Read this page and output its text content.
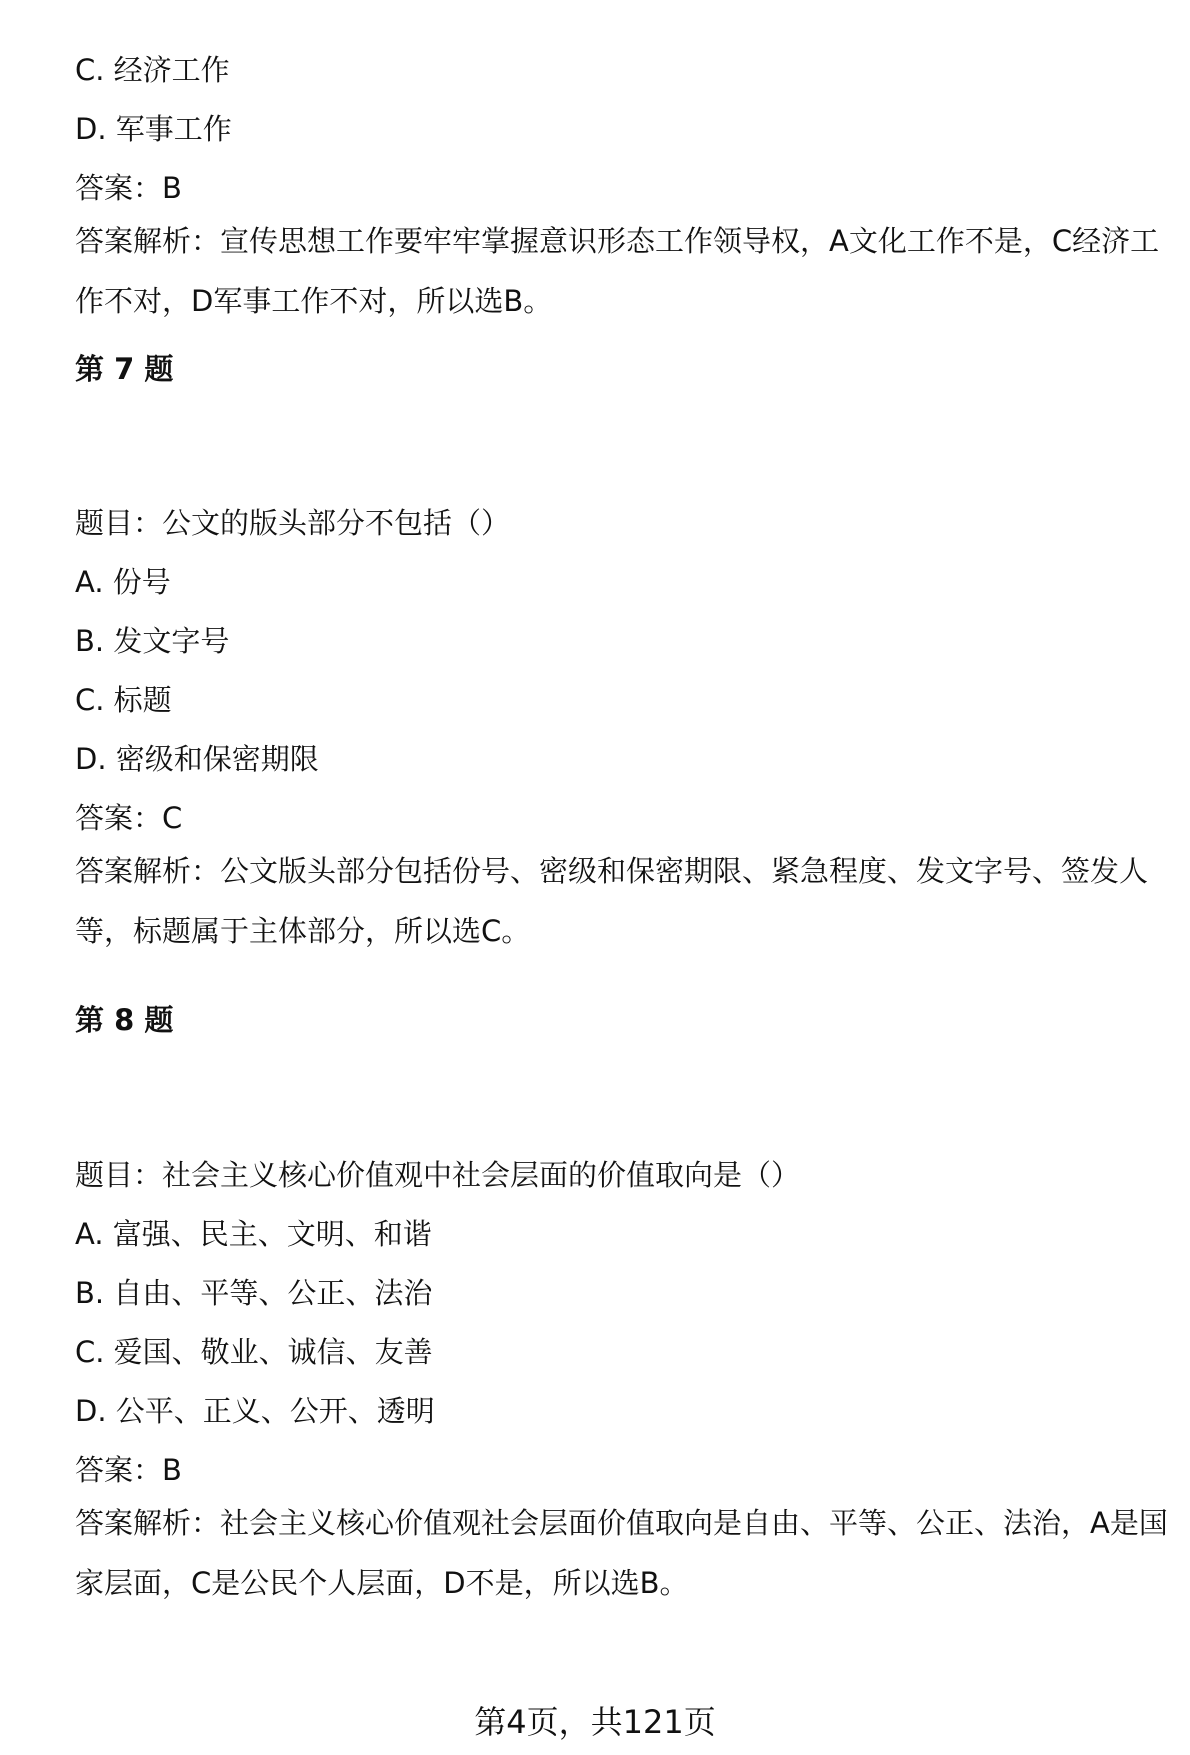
C. 经济工作
D. 军事工作
答案：B
答案解析：宣传思想工作要牢牢掌握意识形态工作领导权，A文化工作不是，C经济工作不对，D军事工作不对，所以选B。
第 7 题
题目：公文的版头部分不包括（）
A. 份号
B. 发文字号
C. 标题
D. 密级和保密期限
答案：C
答案解析：公文版头部分包括份号、密级和保密期限、紧急程度、发文字号、签发人等，标题属于主体部分，所以选C。
第 8 题
题目：社会主义核心价值观中社会层面的价值取向是（）
A. 富强、民主、文明、和谐
B. 自由、平等、公正、法治
C. 爱国、敬业、诚信、友善
D. 公平、正义、公开、透明
答案：B
答案解析：社会主义核心价值观社会层面价值取向是自由、平等、公正、法治，A是国家层面，C是公民个人层面，D不是，所以选B。
第4页，共121页
